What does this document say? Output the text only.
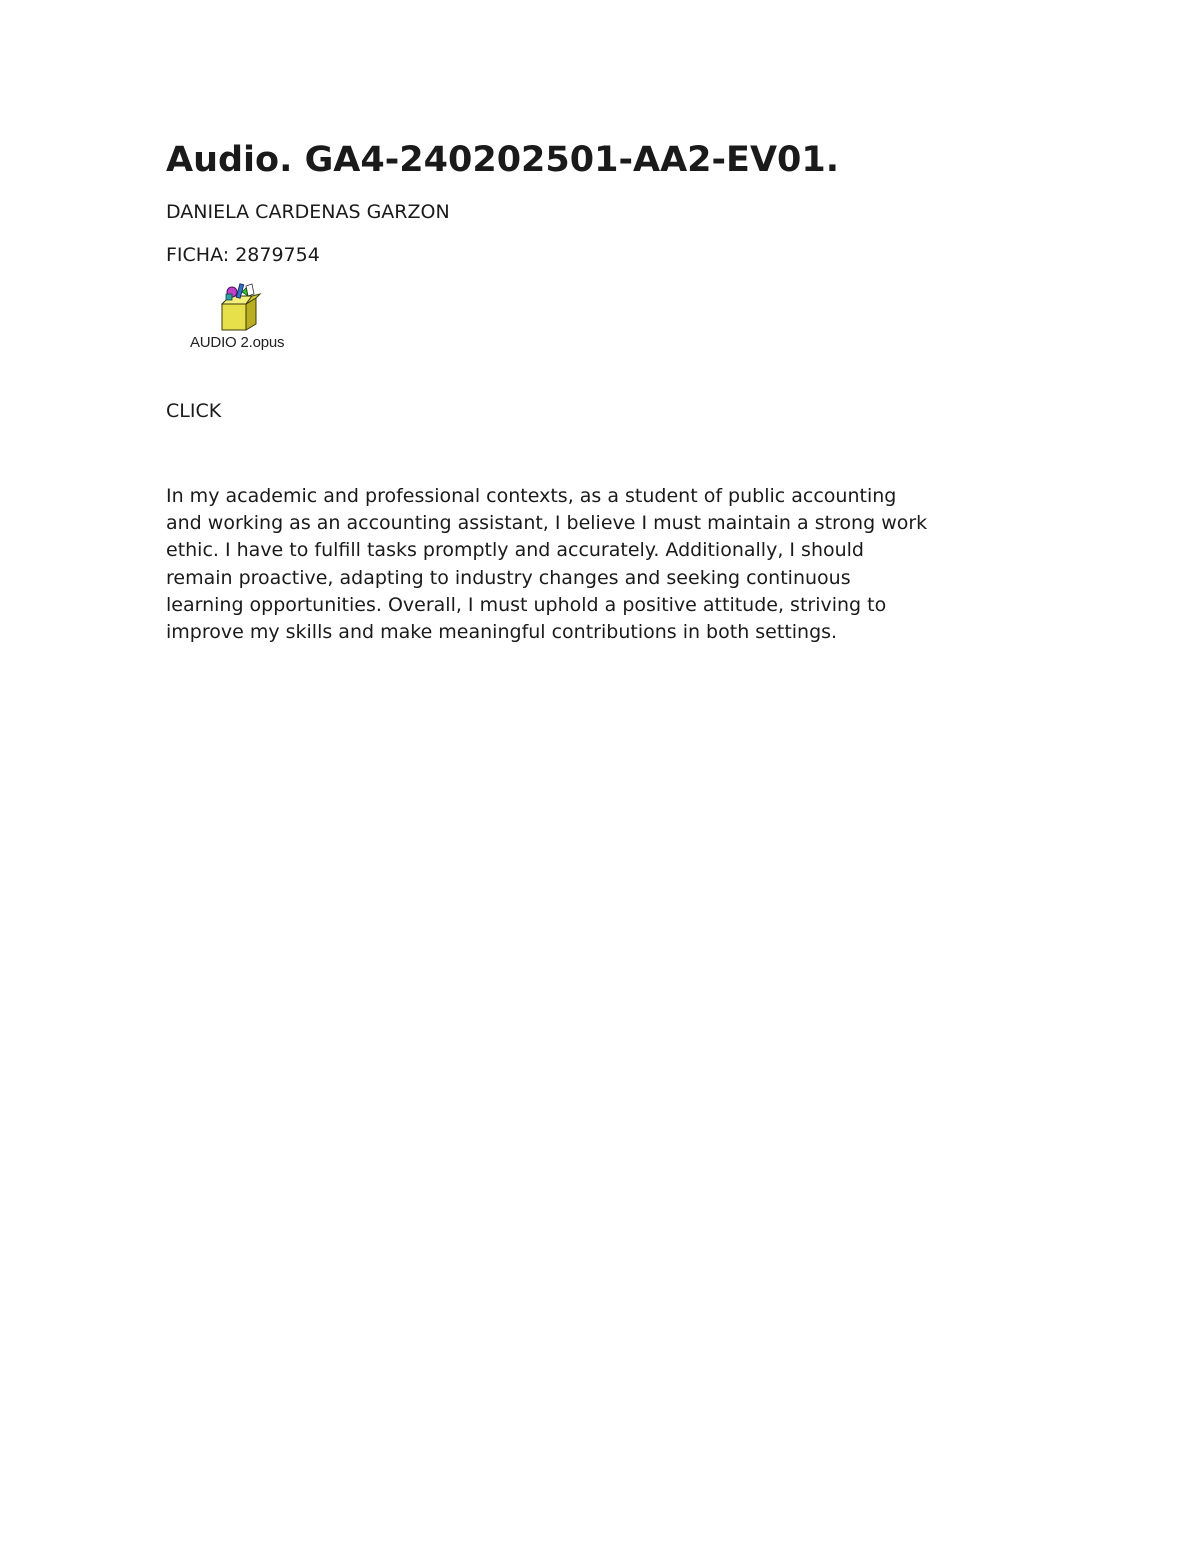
Audio. GA4-240202501-AA2-EV01.

DANIELA CARDENAS GARZON

FICHA: 2879754

AUDIO 2.opus

CLICK

In my academic and professional contexts, as a student of public accounting
and working as an accounting assistant, I believe I must maintain a strong work
ethic. I have to fulfill tasks promptly and accurately. Additionally, I should
remain proactive, adapting to industry changes and seeking continuous
learning opportunities. Overall, I must uphold a positive attitude, striving to
improve my skills and make meaningful contributions in both settings.
